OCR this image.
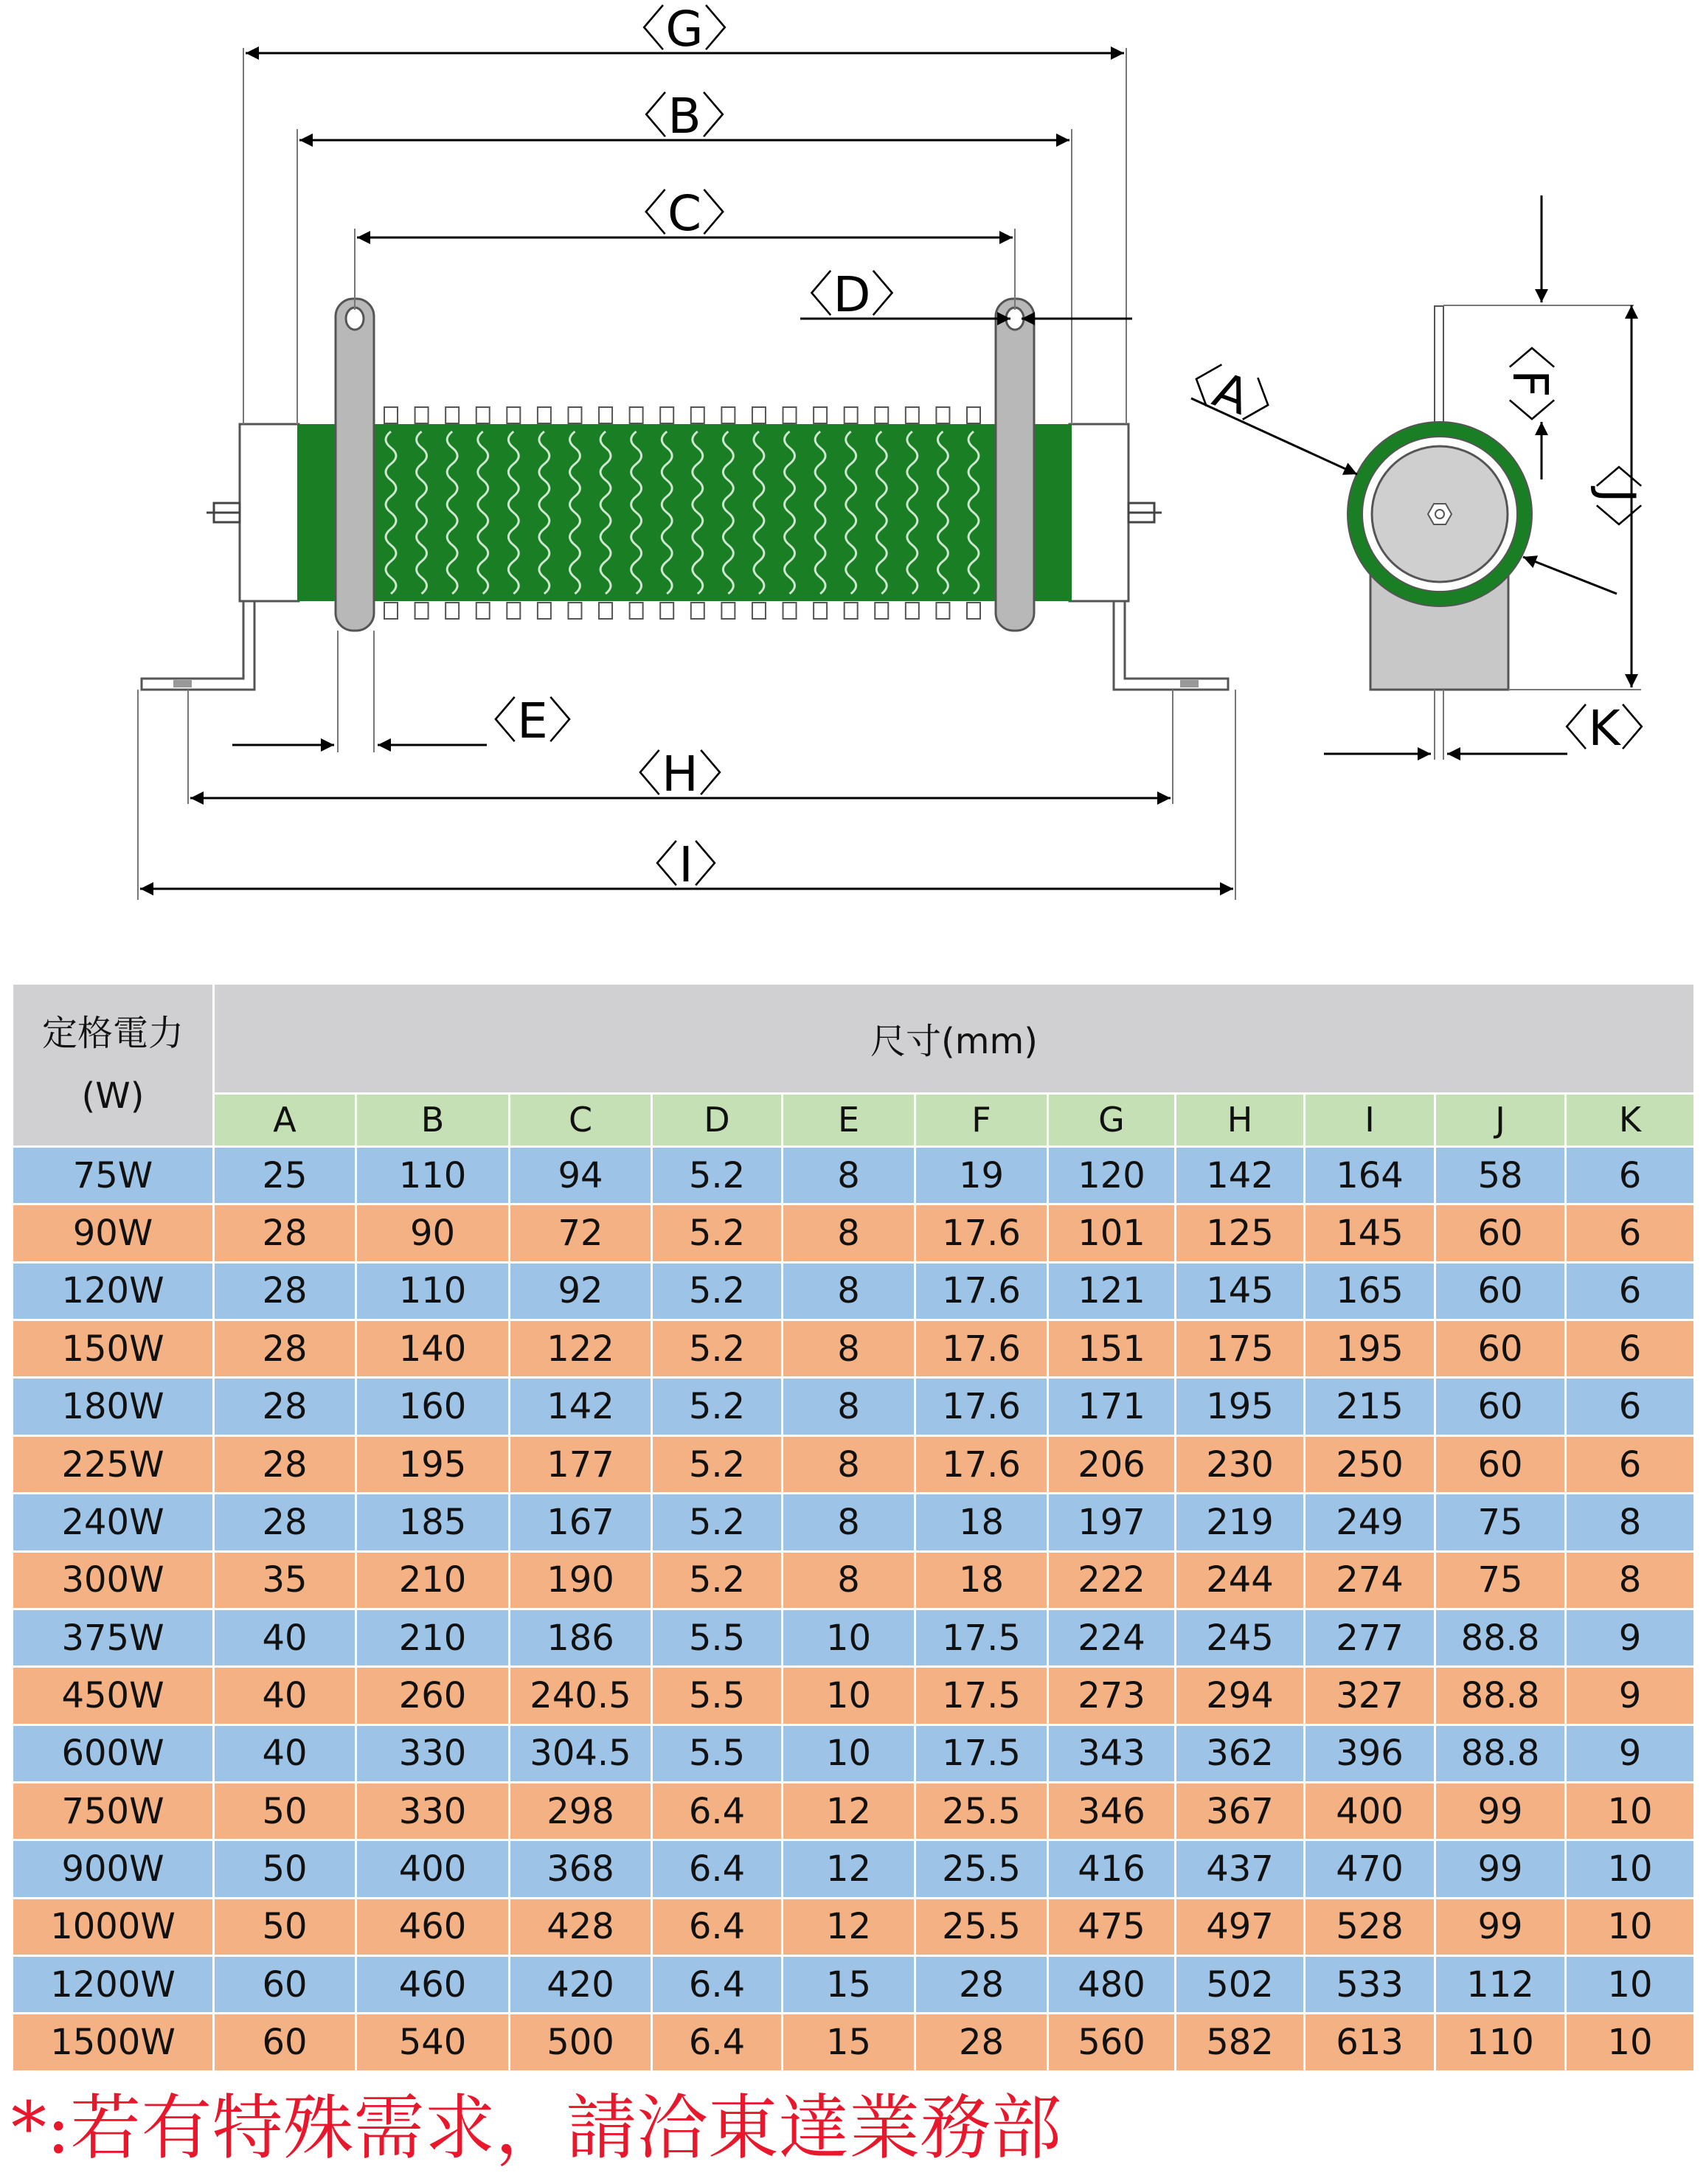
〈G〉
〈B〉
〈C〉
〈D〉
〈E〉
〈H〉
〈I〉
〈A〉	〈F〉
〈J〉
〈K〉
定格電力
(W)	尺寸(mm)										
	A	B	C	D	E	F	G	H	I	J	K
75W	25	110	94	5.2	8	19	120	142	164	58	6
90W	28	90	72	5.2	8	17.6	101	125	145	60	6
120W	28	110	92	5.2	8	17.6	121	145	165	60	6
150W	28	140	122	5.2	8	17.6	151	175	195	60	6
180W	28	160	142	5.2	8	17.6	171	195	215	60	6
225W	28	195	177	5.2	8	17.6	206	230	250	60	6
240W	28	185	167	5.2	8	18	197	219	249	75	8
300W	35	210	190	5.2	8	18	222	244	274	75	8
375W	40	210	186	5.5	10	17.5	224	245	277	88.8	9
450W	40	260	240.5	5.5	10	17.5	273	294	327	88.8	9
600W	40	330	304.5	5.5	10	17.5	343	362	396	88.8	9
750W	50	330	298	6.4	12	25.5	346	367	400	99	10
900W	50	400	368	6.4	12	25.5	416	437	470	99	10
1000W	50	460	428	6.4	12	25.5	475	497	528	99	10
1200W	60	460	420	6.4	15	28	480	502	533	112	10
1500W	60	540	500	6.4	15	28	560	582	613	110	10
*:若有特殊需求，請洽東達業務部
